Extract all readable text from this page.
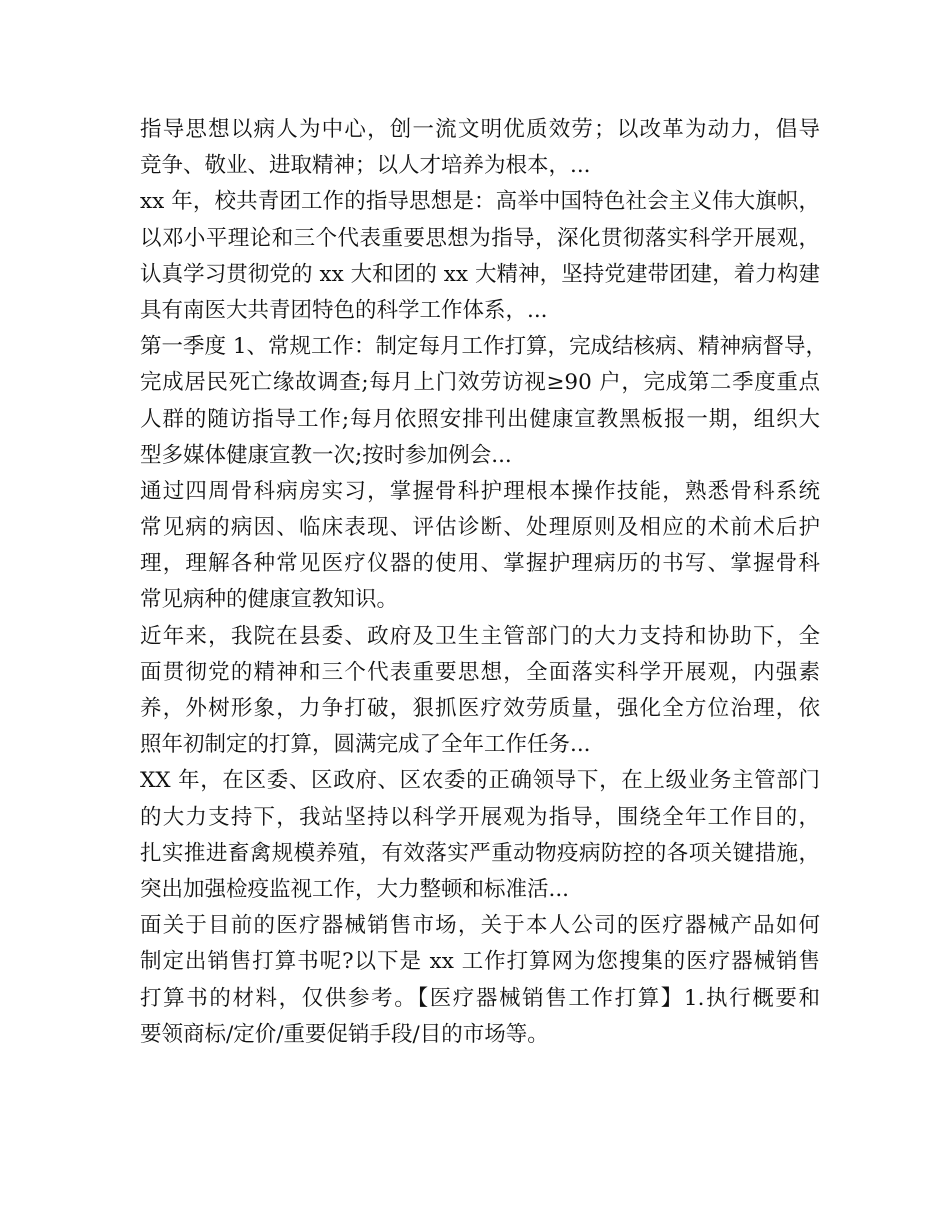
指导思想以病人为中心，创一流文明优质效劳；以改革为动力，倡导
竞争、敬业、进取精神；以人才培养为根本，...
xx 年，校共青团工作的指导思想是：高举中国特色社会主义伟大旗帜，
以邓小平理论和三个代表重要思想为指导，深化贯彻落实科学开展观，
认真学习贯彻党的 xx 大和团的 xx 大精神，坚持党建带团建，着力构建
具有南医大共青团特色的科学工作体系，...
第一季度 1、常规工作：制定每月工作打算，完成结核病、精神病督导，
完成居民死亡缘故调查;每月上门效劳访视≥90 户，完成第二季度重点
人群的随访指导工作;每月依照安排刊出健康宣教黑板报一期，组织大
型多媒体健康宣教一次;按时参加例会...
通过四周骨科病房实习，掌握骨科护理根本操作技能，熟悉骨科系统
常见病的病因、临床表现、评估诊断、处理原则及相应的术前术后护
理，理解各种常见医疗仪器的使用、掌握护理病历的书写、掌握骨科
常见病种的健康宣教知识。
近年来，我院在县委、政府及卫生主管部门的大力支持和协助下，全
面贯彻党的精神和三个代表重要思想，全面落实科学开展观，内强素
养，外树形象，力争打破，狠抓医疗效劳质量，强化全方位治理，依
照年初制定的打算，圆满完成了全年工作任务...
XX 年，在区委、区政府、区农委的正确领导下，在上级业务主管部门
的大力支持下，我站坚持以科学开展观为指导，围绕全年工作目的，
扎实推进畜禽规模养殖，有效落实严重动物疫病防控的各项关键措施，
突出加强检疫监视工作，大力整顿和标准活...
面关于目前的医疗器械销售市场，关于本人公司的医疗器械产品如何
制定出销售打算书呢?以下是 xx 工作打算网为您搜集的医疗器械销售
打算书的材料，仅供参考。【医疗器械销售工作打算】1.执行概要和
要领商标/定价/重要促销手段/目的市场等。
